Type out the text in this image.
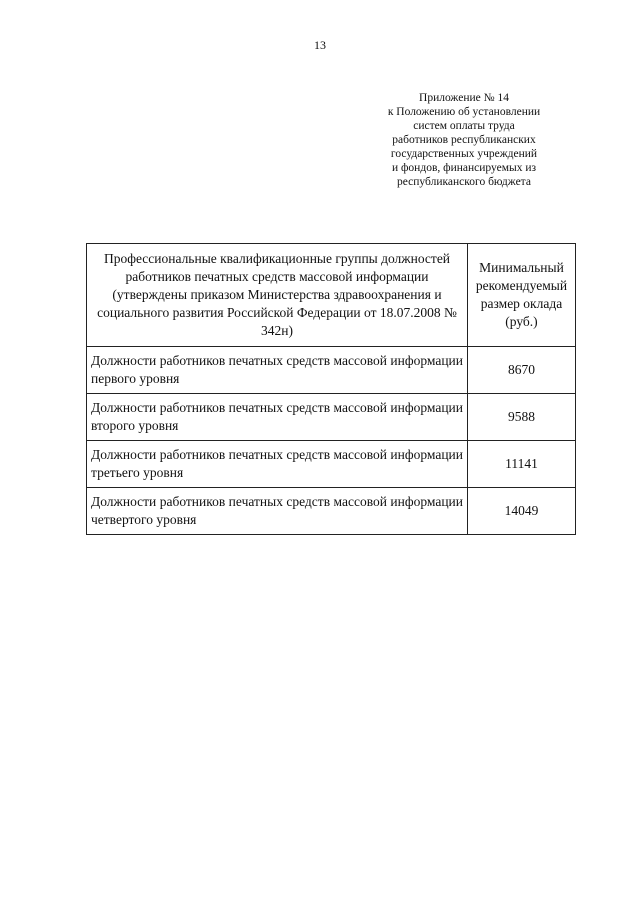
13
Приложение № 14
к Положению об установлении
систем оплаты труда
работников республиканских
государственных учреждений
и фондов, финансируемых из
республиканского бюджета
Профессиональные квалификационные группы должностей работников печатных средств массовой информации (утверждены приказом Министерства здравоохранения и социального развития Российской Федерации от 18.07.2008 № 342н)	Минимальный рекомендуемый размер оклада (руб.)
Должности работников печатных средств массовой информации первого уровня	8670
Должности работников печатных средств массовой информации второго уровня	9588
Должности работников печатных средств массовой информации третьего уровня	11141
Должности работников печатных средств массовой информации четвертого уровня	14049
